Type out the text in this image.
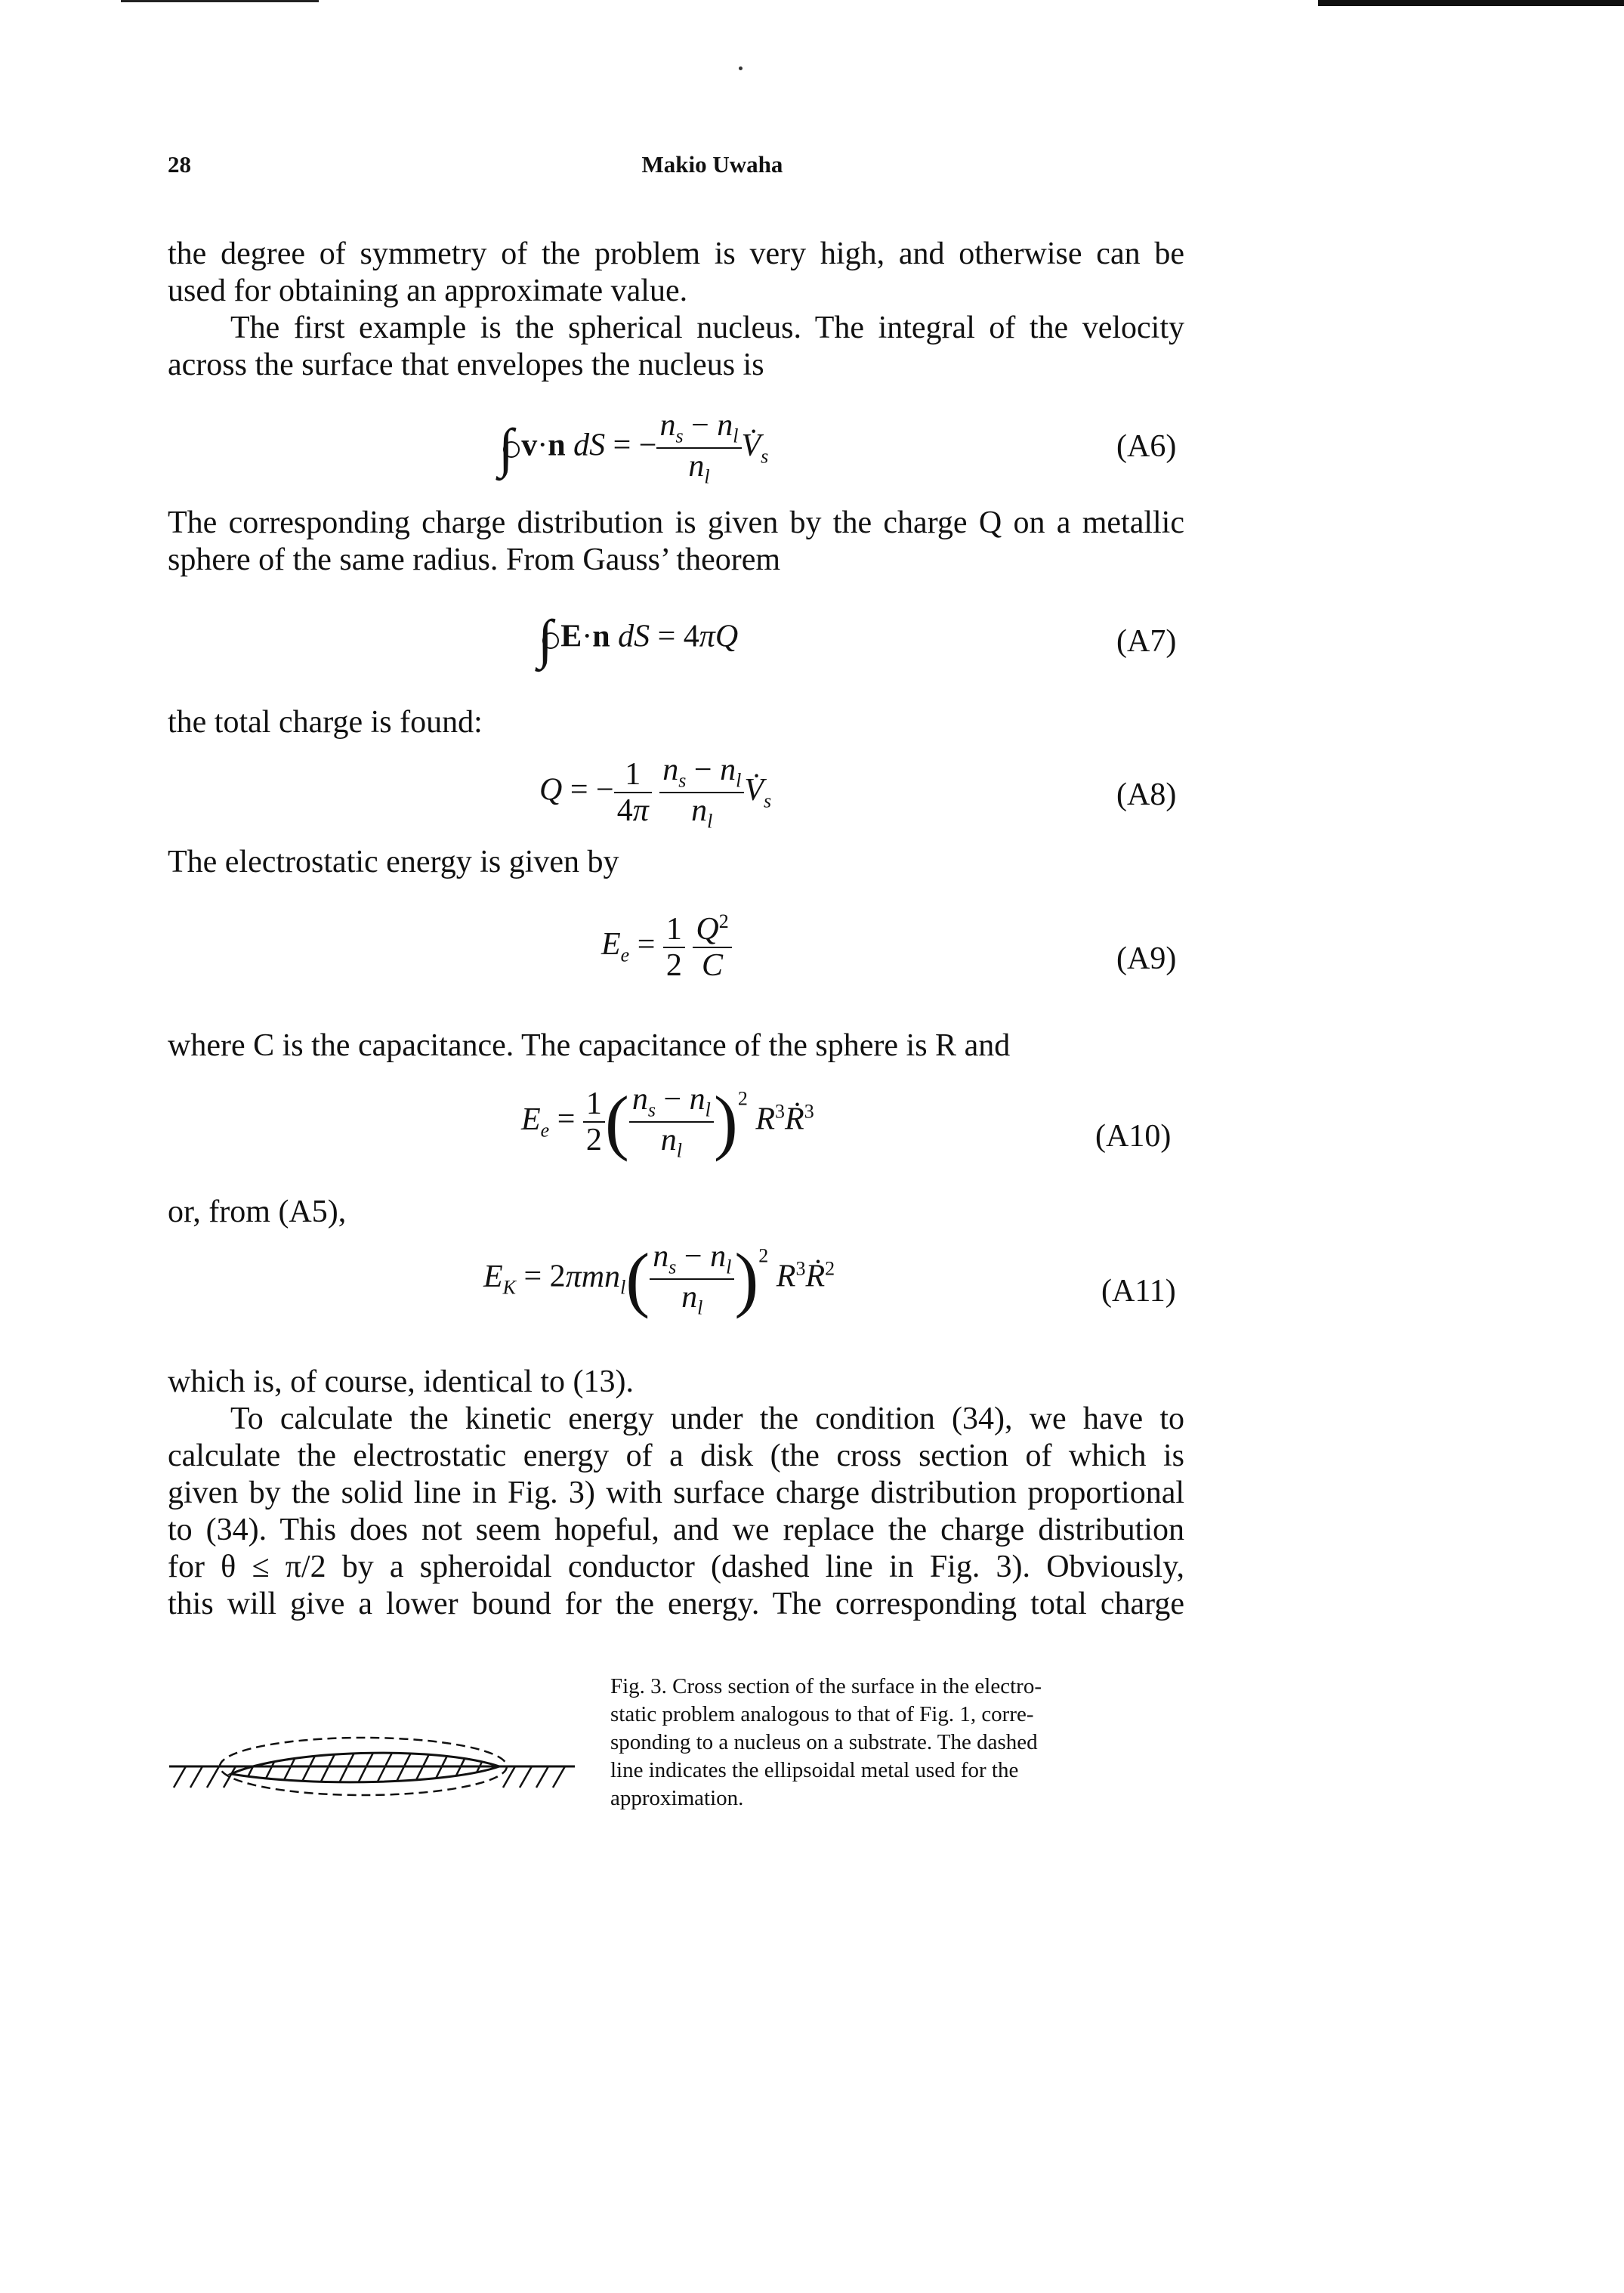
28	Makio Uwaha
the degree of symmetry of the problem is very high, and otherwise can be
used for obtaining an approximate value.
The first example is the spherical nucleus. The integral of the velocity
across the surface that envelopes the nucleus is
∫ v·n dS = − $\frac{n_s - n_l}{n_l}$ $V̇_s$	(A6)
The corresponding charge distribution is given by the charge Q on a metallic
sphere of the same radius. From Gauss’ theorem
∫ E·n dS = 4πQ	(A7)
the total charge is found:
Q = − $\frac{1}{4\pi}$
$\frac{n_s - n_l}{n_l}$ $V̇_s$	(A8)
The electrostatic energy is given by
$E_e = \frac{1}{2}$
$\frac{Q^2}{C}$	(A9)
where C is the capacitance. The capacitance of the sphere is R and
$E_e = \frac{1}{2}$ ( $\frac{n_s - n_l}{n_l} )^2$ $R^3Ṙ^3$
(A10)
or, from (A5),
$E_K = 2\pi mn_l( \frac{n_s - n_l}{n_l} )^2$ $R^3Ṙ^2$
(A11)
which is, of course, identical to (13).
To calculate the kinetic energy under the condition (34), we have to
calculate the electrostatic energy of a disk (the cross section of which is
given by the solid line in Fig. 3) with surface charge distribution proportional
to (34). This does not seem hopeful, and we replace the charge distribution
for θ ≤ π/2 by a spheroidal conductor (dashed line in Fig. 3). Obviously,
this will give a lower bound for the energy. The corresponding total charge
Fig. 3. Cross section of the surface in the electro-
static problem analogous to that of Fig. 1, corre-
sponding to a nucleus on a substrate. The dashed
line indicates the ellipsoidal metal used for the
approximation.
